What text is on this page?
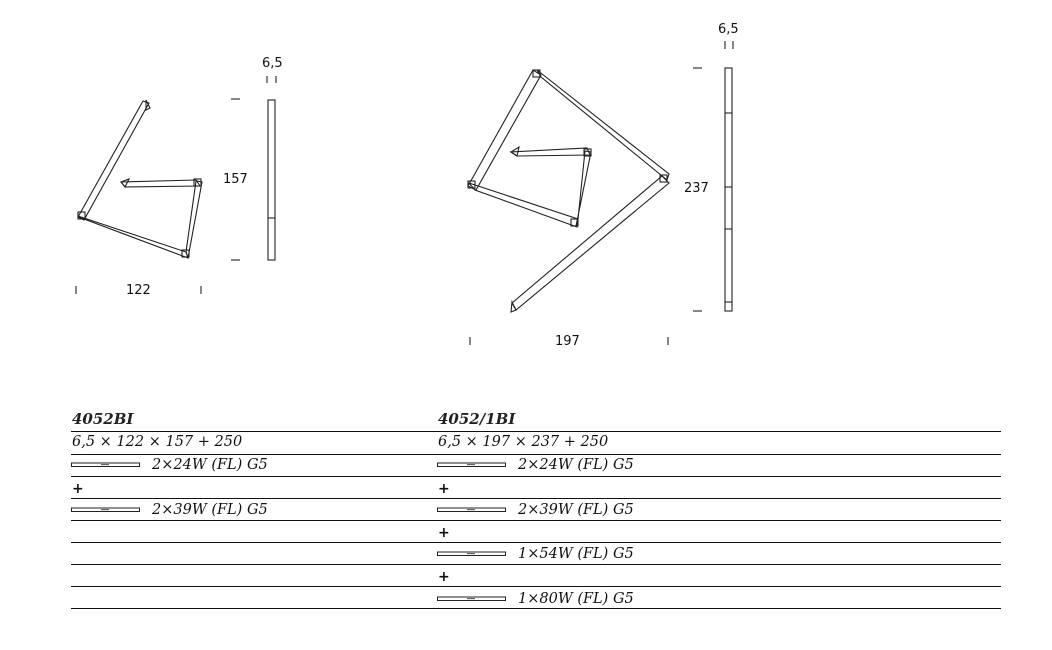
6,5
157
122
6,5
237
197
4052BI	4052/1BI
6,5 × 122 × 157 + 250	6,5 × 197 × 237 + 250
2×24W (FL) G5
+
2×39W (FL) G5
2×24W (FL) G5
+
2×39W (FL) G5
+
1×54W (FL) G5
+
1×80W (FL) G5
